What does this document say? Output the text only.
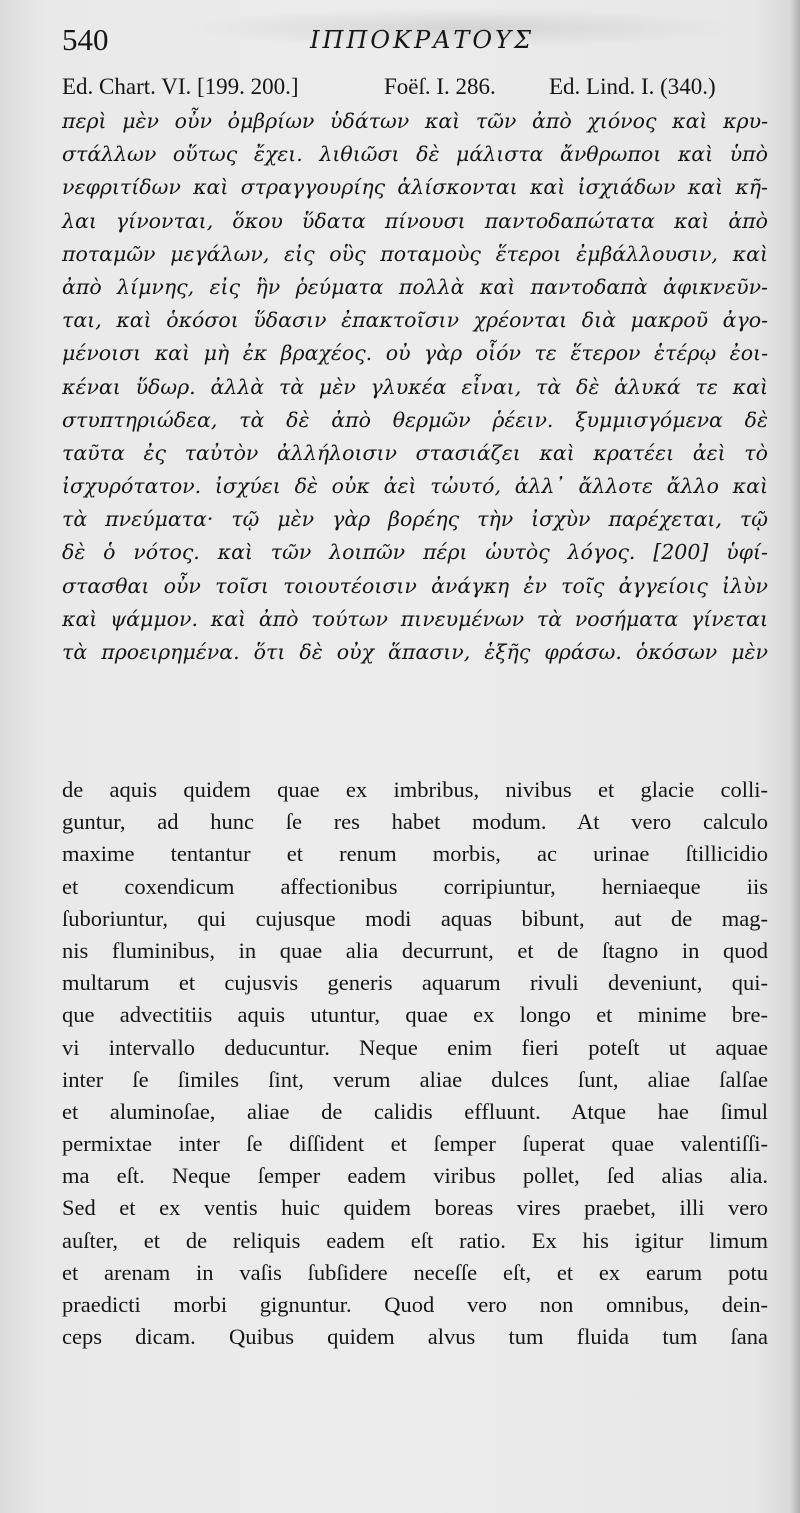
540	ΙΠΠΟΚΡΑΤΟΥΣ
Ed. Chart. VI. [199. 200.]	Foëſ. I. 286. Ed. Lind. I. (340.)
περὶ μὲν οὖν ὀμβρίων ὑδάτων καὶ τῶν ἀπὸ χιόνος καὶ κρυ-
στάλλων οὕτως ἔχει. λιθιῶσι δὲ μάλιστα ἄνθρωποι καὶ ὑπὸ
νεφριτίδων καὶ στραγγουρίης ἁλίσκονται καὶ ἰσχιάδων καὶ κῆ-
λαι γίνονται, ὅκου ὕδατα πίνουσι παντοδαπώτατα καὶ ἀπὸ
ποταμῶν μεγάλων, εἰς οὓς ποταμοὺς ἕτεροι ἐμβάλλουσιν, καὶ
ἀπὸ λίμνης, εἰς ἣν ῥεύματα πολλὰ καὶ παντοδαπὰ ἀφικνεῦν-
ται, καὶ ὁκόσοι ὕδασιν ἐπακτοῖσιν χρέονται διὰ μακροῦ ἀγο-
μένοισι καὶ μὴ ἐκ βραχέος. οὐ γὰρ οἷόν τε ἕτερον ἑτέρῳ ἐοι-
κέναι ὕδωρ. ἀλλὰ τὰ μὲν γλυκέα εἶναι, τὰ δὲ ἁλυκά τε καὶ
στυπτηριώδεα, τὰ δὲ ἀπὸ θερμῶν ῥέειν. ξυμμισγόμενα δὲ
ταῦτα ἐς ταὐτὸν ἀλλήλοισιν στασιάζει καὶ κρατέει ἀεὶ τὸ
ἰσχυρότατον. ἰσχύει δὲ οὐκ ἀεὶ τὠυτό, ἀλλ᾽ ἄλλοτε ἄλλο καὶ
τὰ πνεύματα· τῷ μὲν γὰρ βορέης τὴν ἰσχὺν παρέχεται, τῷ
δὲ ὁ νότος. καὶ τῶν λοιπῶν πέρι ὡυτὸς λόγος. [200] ὑφί-
στασθαι οὖν τοῖσι τοιουτέοισιν ἀνάγκη ἐν τοῖς ἀγγείοις ἰλὺν
καὶ ψάμμον. καὶ ἀπὸ τούτων πινευμένων τὰ νοσήματα γίνεται
τὰ προειρημένα. ὅτι δὲ οὐχ ἅπασιν, ἑξῆς φράσω. ὁκόσων μὲν
de aquis quidem quae ex imbribus, nivibus et glacie colli-
guntur, ad hunc ſe res habet modum. At vero calculo
maxime tentantur et renum morbis, ac urinae ſtillicidio
et coxendicum affectionibus corripiuntur, herniaeque iis
ſuboriuntur, qui cujusque modi aquas bibunt, aut de mag-
nis fluminibus, in quae alia decurrunt, et de ſtagno in quod
multarum et cujusvis generis aquarum rivuli deveniunt, qui-
que advectitiis aquis utuntur, quae ex longo et minime bre-
vi intervallo deducuntur. Neque enim fieri poteſt ut aquae
inter ſe ſimiles ſint, verum aliae dulces ſunt, aliae ſalſae
et aluminoſae, aliae de calidis effluunt. Atque hae ſimul
permixtae inter ſe diſſident et ſemper ſuperat quae valentiſſi-
ma eſt. Neque ſemper eadem viribus pollet, ſed alias alia.
Sed et ex ventis huic quidem boreas vires praebet, illi vero
auſter, et de reliquis eadem eſt ratio. Ex his igitur limum
et arenam in vaſis ſubſidere neceſſe eſt, et ex earum potu
praedicti morbi gignuntur. Quod vero non omnibus, dein-
ceps dicam. Quibus quidem alvus tum fluida tum ſana
